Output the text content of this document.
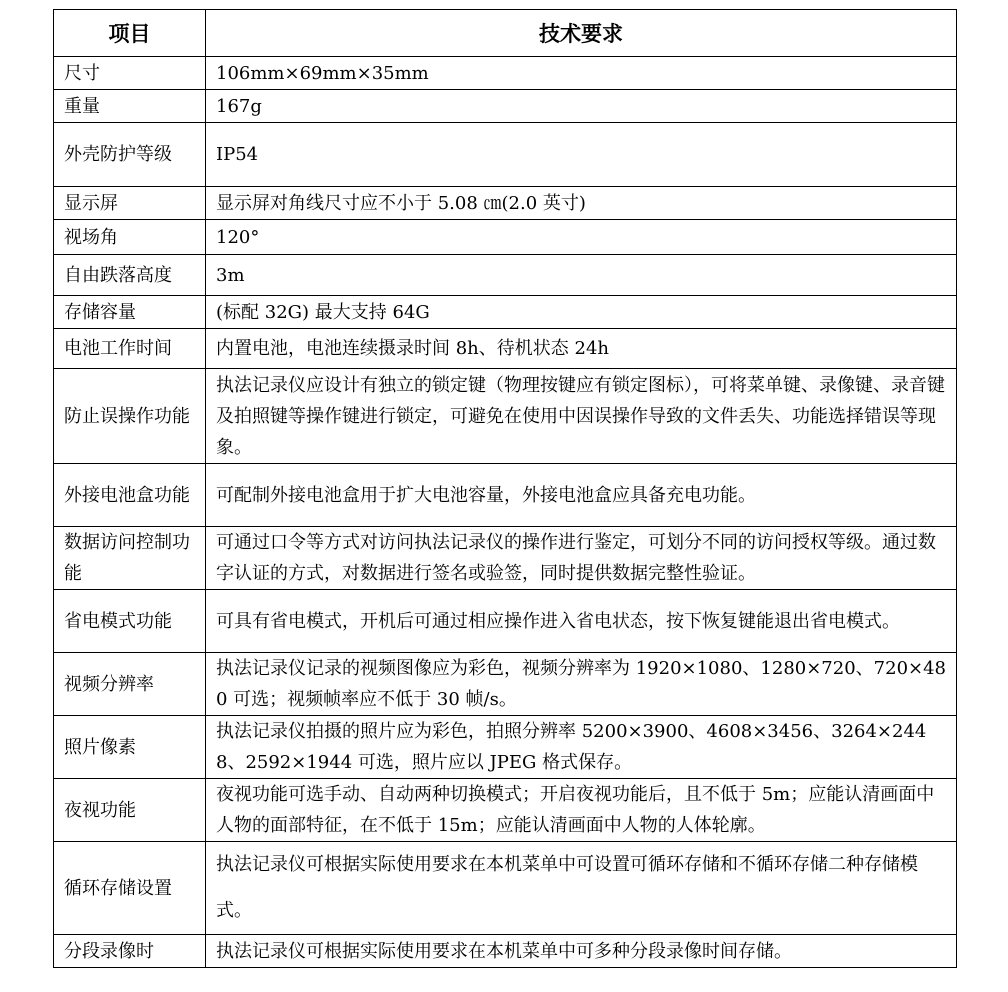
项目	技术要求
尺寸	106mm×69mm×35mm
重量	167g
外壳防护等级	IP54
显示屏	显示屏对角线尺寸应不小于 5.08 ㎝(2.0 英寸)
视场角	120°
自由跌落高度	3m
存储容量	(标配 32G) 最大支持 64G
电池工作时间	内置电池，电池连续摄录时间 8h、待机状态 24h
防止误操作功能	执法记录仪应设计有独立的锁定键（物理按键应有锁定图标），可将菜单键、录像键、录音键及拍照键等操作键进行锁定，可避免在使用中因误操作导致的文件丢失、功能选择错误等现象。
外接电池盒功能	可配制外接电池盒用于扩大电池容量，外接电池盒应具备充电功能。
数据访问控制功能	可通过口令等方式对访问执法记录仪的操作进行鉴定，可划分不同的访问授权等级。通过数字认证的方式，对数据进行签名或验签，同时提供数据完整性验证。
省电模式功能	可具有省电模式，开机后可通过相应操作进入省电状态，按下恢复键能退出省电模式。
视频分辨率	执法记录仪记录的视频图像应为彩色，视频分辨率为 1920×1080、1280×720、720×480 可选；视频帧率应不低于 30 帧/s。
照片像素	执法记录仪拍摄的照片应为彩色，拍照分辨率 5200×3900、4608×3456、3264×2448、2592×1944 可选，照片应以 JPEG 格式保存。
夜视功能	夜视功能可选手动、自动两种切换模式；开启夜视功能后，且不低于 5m；应能认清画面中人物的面部特征，在不低于 15m；应能认清画面中人物的人体轮廓。
循环存储设置	执法记录仪可根据实际使用要求在本机菜单中可设置可循环存储和不循环存储二种存储模式。
分段录像时	执法记录仪可根据实际使用要求在本机菜单中可多种分段录像时间存储。
